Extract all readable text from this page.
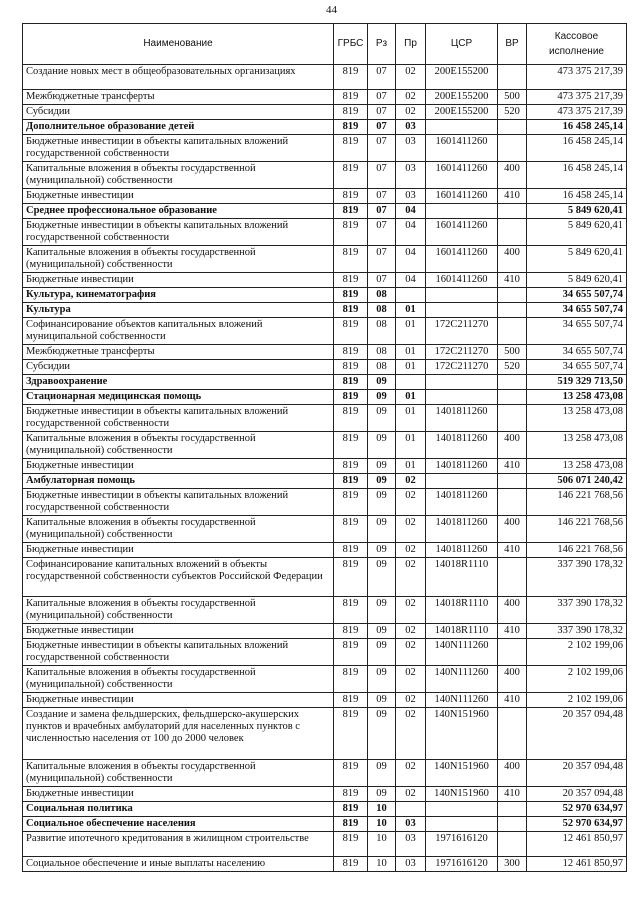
44
Наименование	ГРБС	Рз	Пр	ЦСР	ВР	Кассовое
исполнение
Создание новых мест в общеобразовательных организациях	819	07	02	200E155200		473 375 217,39
Межбюджетные трансферты	819	07	02	200E155200	500	473 375 217,39
Субсидии	819	07	02	200E155200	520	473 375 217,39
Дополнительное образование детей	819	07	03			16 458 245,14
Бюджетные инвестиции в объекты капитальных вложений государственной собственности	819	07	03	1601411260		16 458 245,14
Капитальные вложения в объекты государственной (муниципальной) собственности	819	07	03	1601411260	400	16 458 245,14
Бюджетные инвестиции	819	07	03	1601411260	410	16 458 245,14
Среднее профессиональное образование	819	07	04			5 849 620,41
Бюджетные инвестиции в объекты капитальных вложений государственной собственности	819	07	04	1601411260		5 849 620,41
Капитальные вложения в объекты государственной (муниципальной) собственности	819	07	04	1601411260	400	5 849 620,41
Бюджетные инвестиции	819	07	04	1601411260	410	5 849 620,41
Культура, кинематография	819	08				34 655 507,74
Культура	819	08	01			34 655 507,74
Софинансирование объектов капитальных вложений муниципальной собственности	819	08	01	172C211270		34 655 507,74
Межбюджетные трансферты	819	08	01	172C211270	500	34 655 507,74
Субсидии	819	08	01	172C211270	520	34 655 507,74
Здравоохранение	819	09				519 329 713,50
Стационарная медицинская помощь	819	09	01			13 258 473,08
Бюджетные инвестиции в объекты капитальных вложений государственной собственности	819	09	01	1401811260		13 258 473,08
Капитальные вложения в объекты государственной (муниципальной) собственности	819	09	01	1401811260	400	13 258 473,08
Бюджетные инвестиции	819	09	01	1401811260	410	13 258 473,08
Амбулаторная помощь	819	09	02			506 071 240,42
Бюджетные инвестиции в объекты капитальных вложений государственной собственности	819	09	02	1401811260		146 221 768,56
Капитальные вложения в объекты государственной (муниципальной) собственности	819	09	02	1401811260	400	146 221 768,56
Бюджетные инвестиции	819	09	02	1401811260	410	146 221 768,56
Софинансирование капитальных вложений в объекты государственной собственности субъектов Российской Федерации	819	09	02	14018R1110		337 390 178,32
Капитальные вложения в объекты государственной (муниципальной) собственности	819	09	02	14018R1110	400	337 390 178,32
Бюджетные инвестиции	819	09	02	14018R1110	410	337 390 178,32
Бюджетные инвестиции в объекты капитальных вложений государственной собственности	819	09	02	140N111260		2 102 199,06
Капитальные вложения в объекты государственной (муниципальной) собственности	819	09	02	140N111260	400	2 102 199,06
Бюджетные инвестиции	819	09	02	140N111260	410	2 102 199,06
Создание и замена фельдшерских, фельдшерско-акушерских пунктов и врачебных амбулаторий для населенных пунктов с численностью населения от 100 до 2000 человек	819	09	02	140N151960		20 357 094,48
Капитальные вложения в объекты государственной (муниципальной) собственности	819	09	02	140N151960	400	20 357 094,48
Бюджетные инвестиции	819	09	02	140N151960	410	20 357 094,48
Социальная политика	819	10				52 970 634,97
Социальное обеспечение населения	819	10	03			52 970 634,97
Развитие ипотечного кредитования в жилищном строительстве	819	10	03	1971616120		12 461 850,97
Социальное обеспечение и иные выплаты населению	819	10	03	1971616120	300	12 461 850,97
